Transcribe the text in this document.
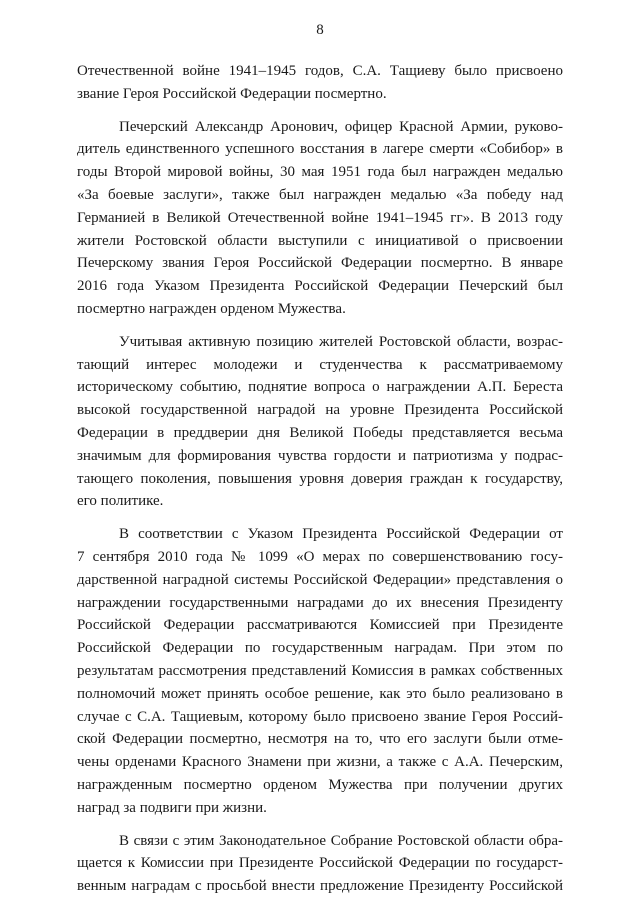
8
Отечественной войне 1941–1945 годов, С.А. Тащиеву было присвоено
звание Героя Российской Федерации посмертно.
Печерский Александр Аронович, офицер Красной Армии, руково-
дитель единственного успешного восстания в лагере смерти «Собибор» в
годы Второй мировой войны, 30 мая 1951 года был награжден медалью
«За боевые заслуги», также был награжден медалью «За победу над
Германией в Великой Отечественной войне 1941–1945 гг». В 2013 году
жители Ростовской области выступили с инициативой о присвоении
Печерскому звания Героя Российской Федерации посмертно. В январе
2016 года Указом Президента Российской Федерации Печерский был
посмертно награжден орденом Мужества.
Учитывая активную позицию жителей Ростовской области, возрас-
тающий интерес молодежи и студенчества к рассматриваемому
историческому событию, поднятие вопроса о награждении А.П. Береста
высокой государственной наградой на уровне Президента Российской
Федерации в преддверии дня Великой Победы представляется весьма
значимым для формирования чувства гордости и патриотизма у подрас-
тающего поколения, повышения уровня доверия граждан к государству,
его политике.
В соответствии с Указом Президента Российской Федерации от
7 сентября 2010 года № 1099 «О мерах по совершенствованию госу-
дарственной наградной системы Российской Федерации» представления о
награждении государственными наградами до их внесения Президенту
Российской Федерации рассматриваются Комиссией при Президенте
Российской Федерации по государственным наградам. При этом по
результатам рассмотрения представлений Комиссия в рамках собственных
полномочий может принять особое решение, как это было реализовано в
случае с С.А. Тащиевым, которому было присвоено звание Героя Россий-
ской Федерации посмертно, несмотря на то, что его заслуги были отме-
чены орденами Красного Знамени при жизни, а также с А.А. Печерским,
награжденным посмертно орденом Мужества при получении других
наград за подвиги при жизни.
В связи с этим Законодательное Собрание Ростовской области обра-
щается к Комиссии при Президенте Российской Федерации по государст-
венным наградам с просьбой внести предложение Президенту Российской
